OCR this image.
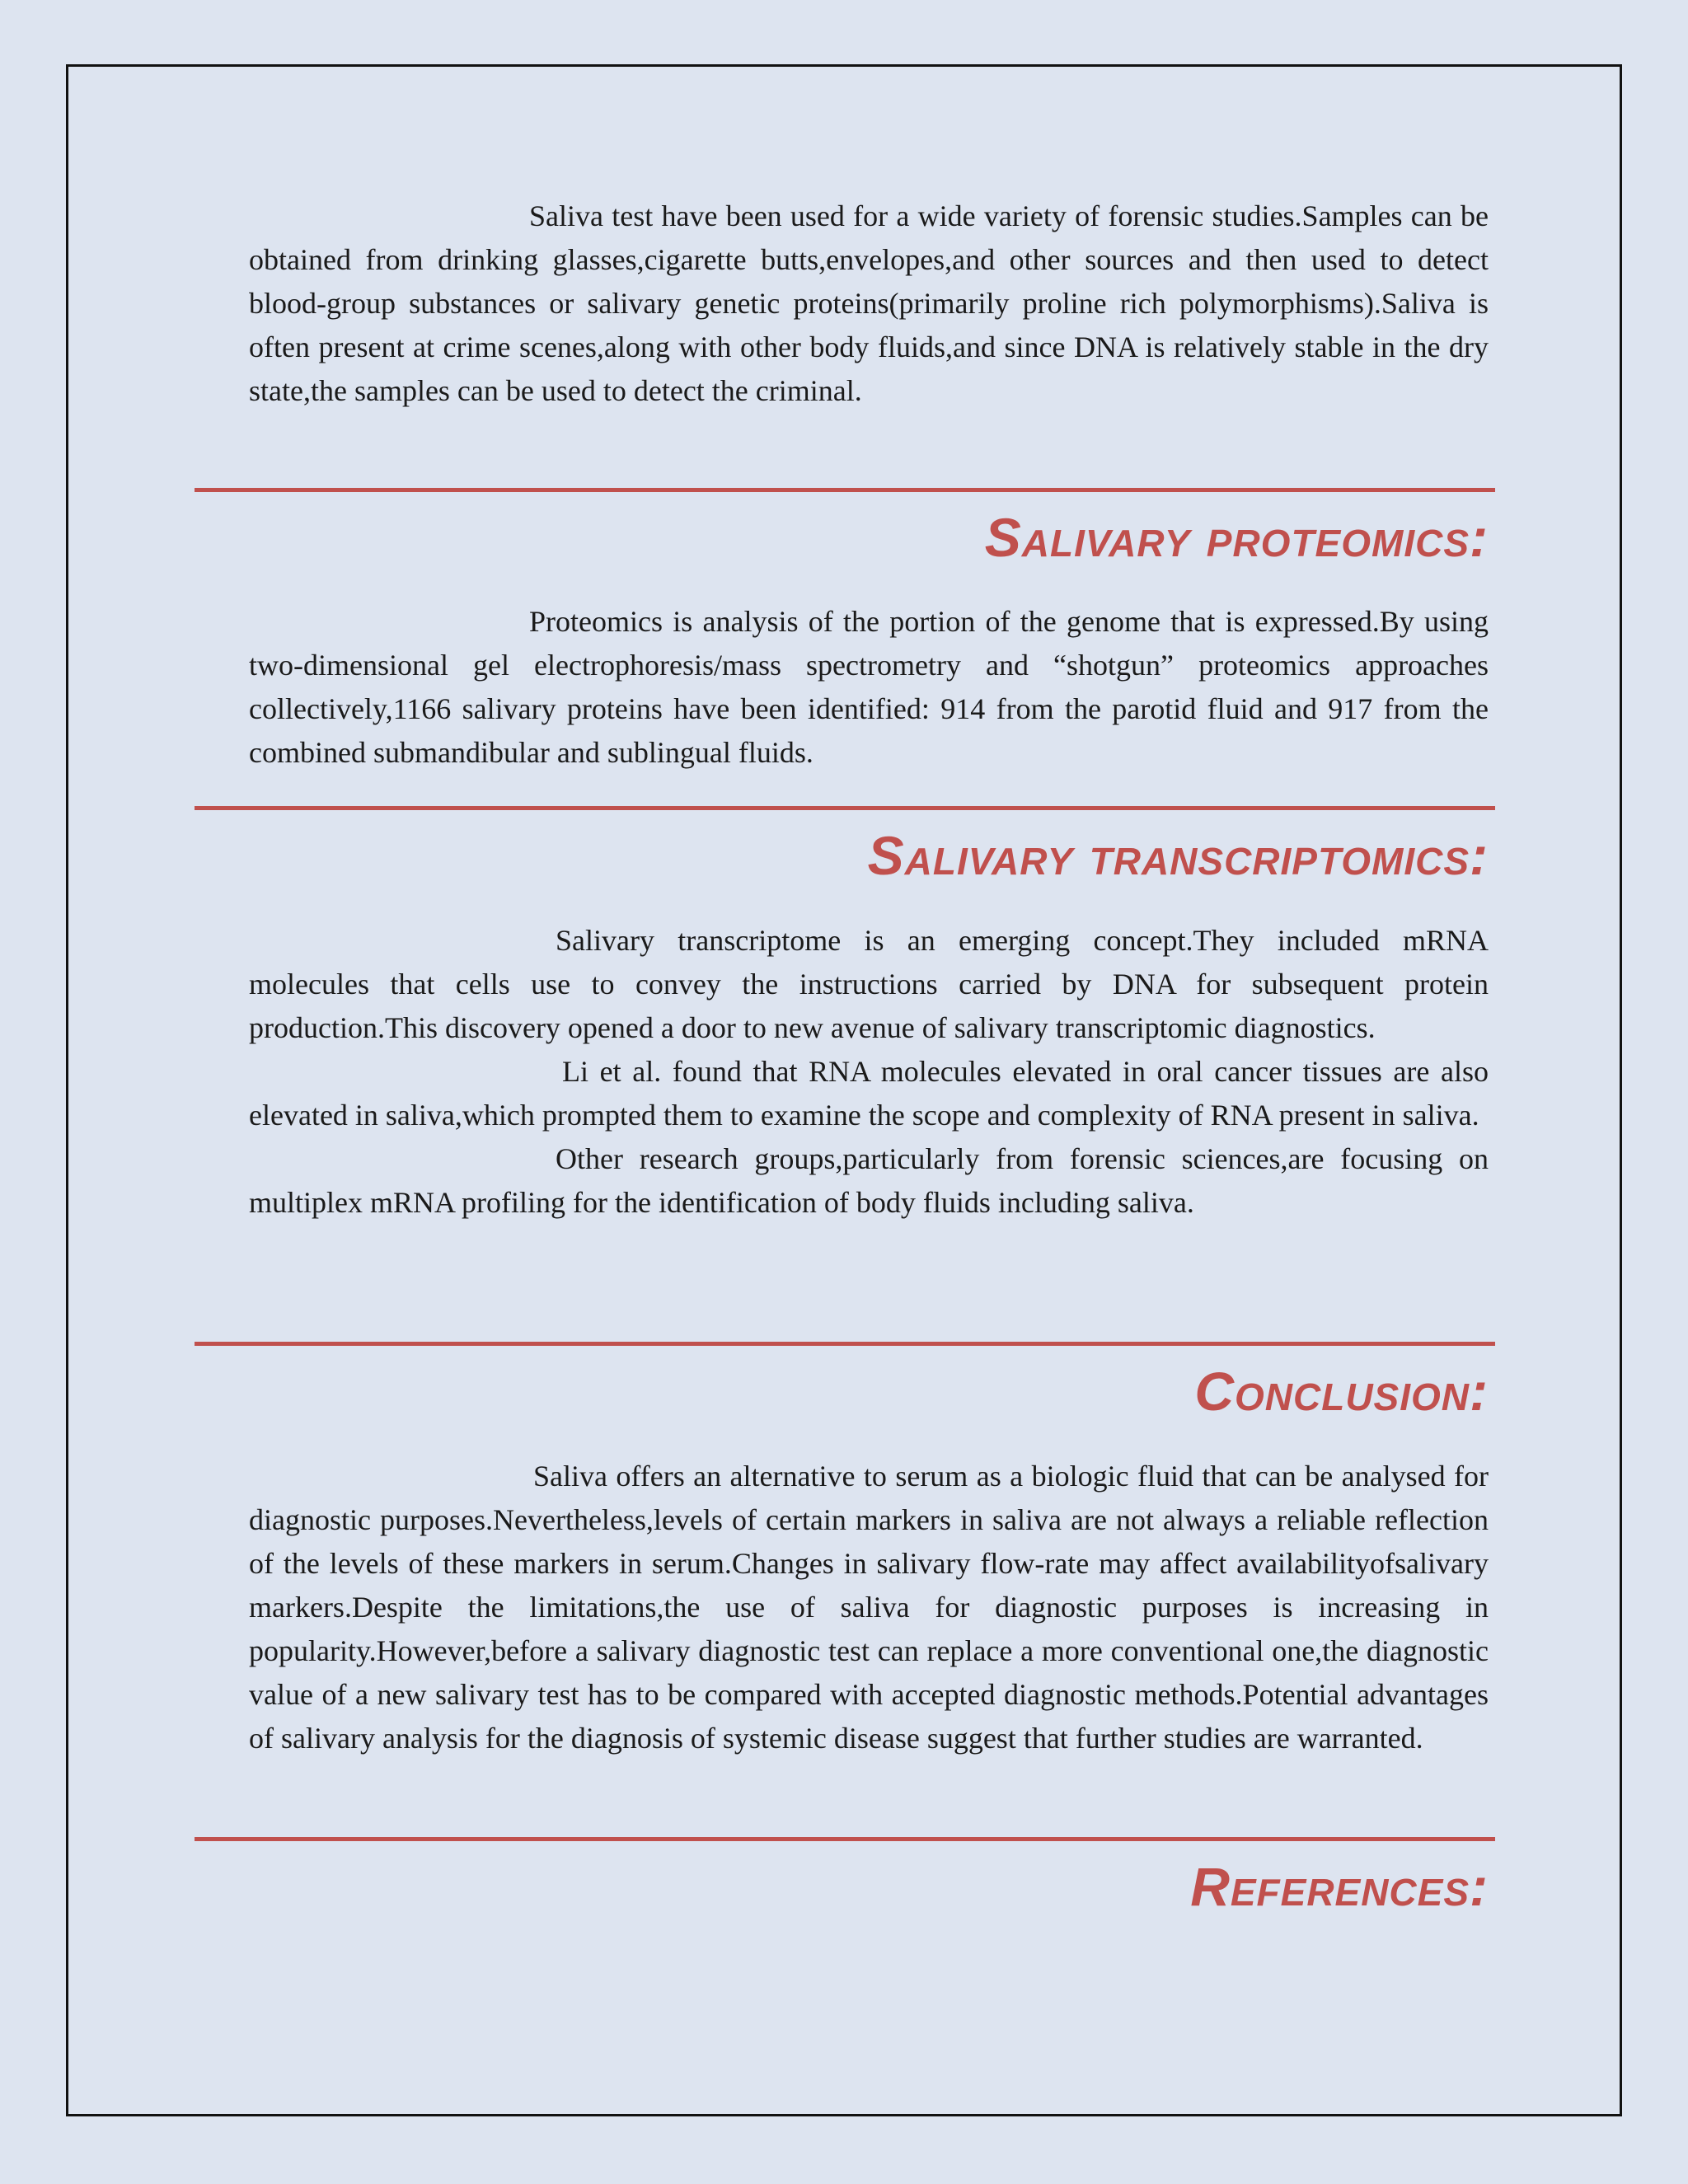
Saliva test have been used for a wide variety of forensic studies.Samples can be obtained from drinking glasses,cigarette butts,envelopes,and other sources and then used to detect blood-group substances or salivary genetic proteins(primarily proline rich polymorphisms).Saliva is often present at crime scenes,along with other body fluids,and since DNA is relatively stable in the dry state,the samples can be used to detect the criminal.

Salivary proteomics:

Proteomics is analysis of the portion of the genome that is expressed.By using two-dimensional gel electrophoresis/mass spectrometry and “shotgun” proteomics approaches collectively,1166 salivary proteins have been identified: 914 from the parotid fluid and 917 from the combined submandibular and sublingual fluids.

Salivary transcriptomics:

Salivary transcriptome is an emerging concept.They included mRNA molecules that cells use to convey the instructions carried by DNA for subsequent protein production.This discovery opened a door to new avenue of salivary transcriptomic diagnostics.

Li et al. found that RNA molecules elevated in oral cancer tissues are also elevated in saliva,which prompted them to examine the scope and complexity of RNA present in saliva.

Other research groups,particularly from forensic sciences,are focusing on multiplex mRNA profiling for the identification of body fluids including saliva.

Conclusion:

Saliva offers an alternative to serum as a biologic fluid that can be analysed for diagnostic purposes.Nevertheless,levels of certain markers in saliva are not always a reliable reflection of the levels of these markers in serum.Changes in salivary flow-rate may affect availabilityofsalivary markers.Despite the limitations,the use of saliva for diagnostic purposes is increasing in popularity.However,before a salivary diagnostic test can replace a more conventional one,the diagnostic value of a new salivary test has to be compared with accepted diagnostic methods.Potential advantages of salivary analysis for the diagnosis of systemic disease suggest that further studies are warranted.

References:
